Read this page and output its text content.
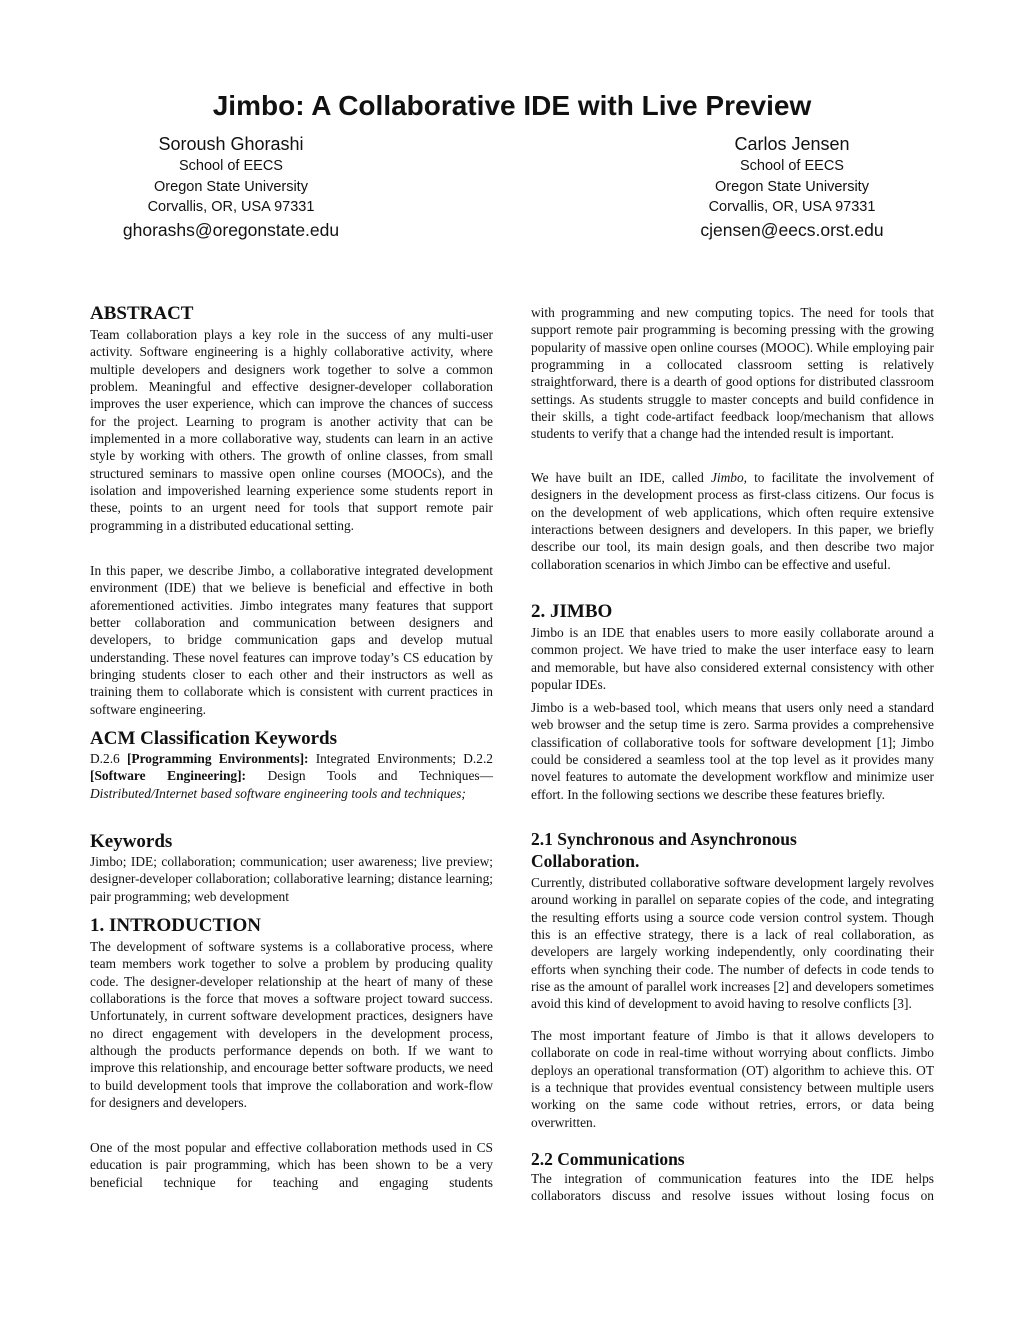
Jimbo: A Collaborative IDE with Live Preview
Soroush Ghorashi
School of EECS
Oregon State University
Corvallis, OR, USA 97331
ghorashs@oregonstate.edu
Carlos Jensen
School of EECS
Oregon State University
Corvallis, OR, USA 97331
cjensen@eecs.orst.edu
ABSTRACT
Team collaboration plays a key role in the success of any multi-user activity. Software engineering is a highly collaborative activity, where multiple developers and designers work together to solve a common problem. Meaningful and effective designer-developer collaboration improves the user experience, which can improve the chances of success for the project. Learning to program is another activity that can be implemented in a more collaborative way, students can learn in an active style by working with others. The growth of online classes, from small structured seminars to massive open online courses (MOOCs), and the isolation and impoverished learning experience some students report in these, points to an urgent need for tools that support remote pair programming in a distributed educational setting.
In this paper, we describe Jimbo, a collaborative integrated development environment (IDE) that we believe is beneficial and effective in both aforementioned activities. Jimbo integrates many features that support better collaboration and communication between designers and developers, to bridge communication gaps and develop mutual understanding. These novel features can improve today’s CS education by bringing students closer to each other and their instructors as well as training them to collaborate which is consistent with current practices in software engineering.
ACM Classification Keywords
D.2.6 [Programming Environments]: Integrated Environments; D.2.2 [Software Engineering]: Design Tools and Techniques—Distributed/Internet based software engineering tools and techniques;
Keywords
Jimbo; IDE; collaboration; communication; user awareness; live preview; designer-developer collaboration; collaborative learning; distance learning; pair programming; web development
1. INTRODUCTION
The development of software systems is a collaborative process, where team members work together to solve a problem by producing quality code. The designer-developer relationship at the heart of many of these collaborations is the force that moves a software project toward success. Unfortunately, in current software development practices, designers have no direct engagement with developers in the development process, although the products performance depends on both. If we want to improve this relationship, and encourage better software products, we need to build development tools that improve the collaboration and work-flow for designers and developers.
One of the most popular and effective collaboration methods used in CS education is pair programming, which has been shown to be a very beneficial technique for teaching and engaging students
with programming and new computing topics. The need for tools that support remote pair programming is becoming pressing with the growing popularity of massive open online courses (MOOC). While employing pair programming in a collocated classroom setting is relatively straightforward, there is a dearth of good options for distributed classroom settings. As students struggle to master concepts and build confidence in their skills, a tight code-artifact feedback loop/mechanism that allows students to verify that a change had the intended result is important.
We have built an IDE, called Jimbo, to facilitate the involvement of designers in the development process as first-class citizens. Our focus is on the development of web applications, which often require extensive interactions between designers and developers. In this paper, we briefly describe our tool, its main design goals, and then describe two major collaboration scenarios in which Jimbo can be effective and useful.
2. JIMBO
Jimbo is an IDE that enables users to more easily collaborate around a common project. We have tried to make the user interface easy to learn and memorable, but have also considered external consistency with other popular IDEs.
Jimbo is a web-based tool, which means that users only need a standard web browser and the setup time is zero. Sarma provides a comprehensive classification of collaborative tools for software development [1]; Jimbo could be considered a seamless tool at the top level as it provides many novel features to automate the development workflow and minimize user effort. In the following sections we describe these features briefly.
2.1 Synchronous and Asynchronous Collaboration.
Currently, distributed collaborative software development largely revolves around working in parallel on separate copies of the code, and integrating the resulting efforts using a source code version control system. Though this is an effective strategy, there is a lack of real collaboration, as developers are largely working independently, only coordinating their efforts when synching their code. The number of defects in code tends to rise as the amount of parallel work increases [2] and developers sometimes avoid this kind of development to avoid having to resolve conflicts [3].
The most important feature of Jimbo is that it allows developers to collaborate on code in real-time without worrying about conflicts. Jimbo deploys an operational transformation (OT) algorithm to achieve this. OT is a technique that provides eventual consistency between multiple users working on the same code without retries, errors, or data being overwritten.
2.2 Communications
The integration of communication features into the IDE helps collaborators discuss and resolve issues without losing focus on
